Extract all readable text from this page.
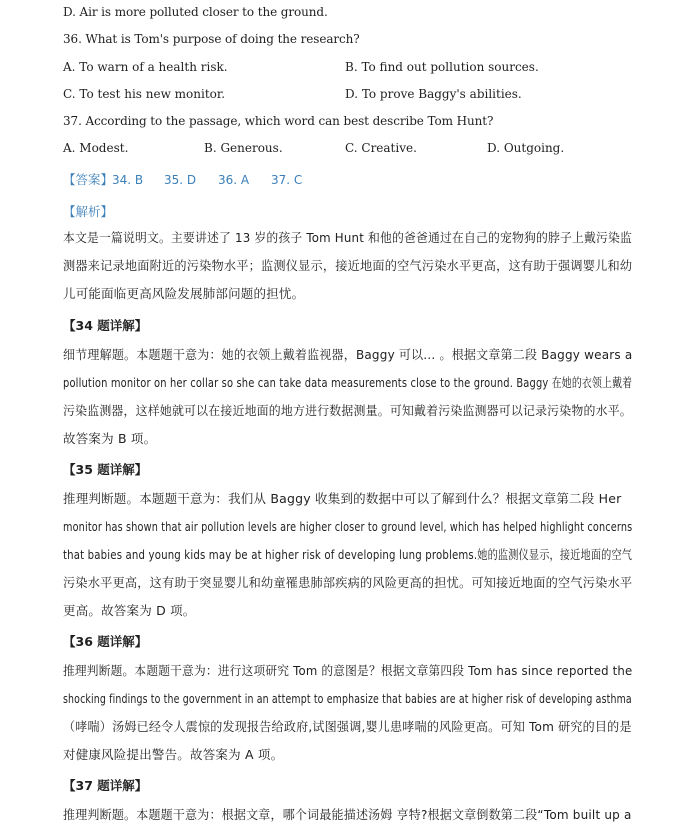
D. Air is more polluted closer to the ground.
36. What is Tom's purpose of doing the research?
A. To warn of a health risk.	B. To find out pollution sources.
C. To test his new monitor.	D. To prove Baggy's abilities.
37. According to the passage, which word can best describe Tom Hunt?
A. Modest.	B. Generous.	C. Creative.	D. Outgoing.
【答案】
34. B 35. D 36. A 37. C
【解析】
本文是一篇说明文。主要讲述了 13 岁的孩子 Tom Hunt 和他的爸爸通过在自己的宠物狗的脖子上戴污染监
测器来记录地面附近的污染物水平；监测仪显示，接近地面的空气污染水平更高，这有助于强调婴儿和幼
儿可能面临更高风险发展肺部问题的担忧。
【34 题详解】
细节理解题。本题题干意为：她的衣领上戴着监视器，Baggy 可以… 。根据文章第二段 Baggy wears a
pollution monitor on her collar so she can take data measurements close to the ground. Baggy 在她的衣领上戴着
污染监测器，这样她就可以在接近地面的地方进行数据测量。可知戴着污染监测器可以记录污染物的水平。
故答案为 B 项。
【35 题详解】
推理判断题。本题题干意为：我们从 Baggy 收集到的数据中可以了解到什么？根据文章第二段 Her
monitor has shown that air pollution levels are higher closer to ground level, which has helped highlight concerns
that babies and young kids may be at higher risk of developing lung problems.她的监测仪显示，接近地面的空气
污染水平更高，这有助于突显婴儿和幼童罹患肺部疾病的风险更高的担忧。可知接近地面的空气污染水平
更高。故答案为 D 项。
【36 题详解】
推理判断题。本题题干意为：进行这项研究 Tom 的意图是？根据文章第四段 Tom has since reported the
shocking findings to the government in an attempt to emphasize that babies are at higher risk of developing asthma
（哮喘）汤姆已经令人震惊的发现报告给政府,试图强调,婴儿患哮喘的风险更高。可知 Tom 研究的目的是
对健康风险提出警告。故答案为 A 项。
【37 题详解】
推理判断题。本题题干意为：根据文章，哪个词最能描述汤姆 亨特?根据文章倒数第二段“Tom built up a
